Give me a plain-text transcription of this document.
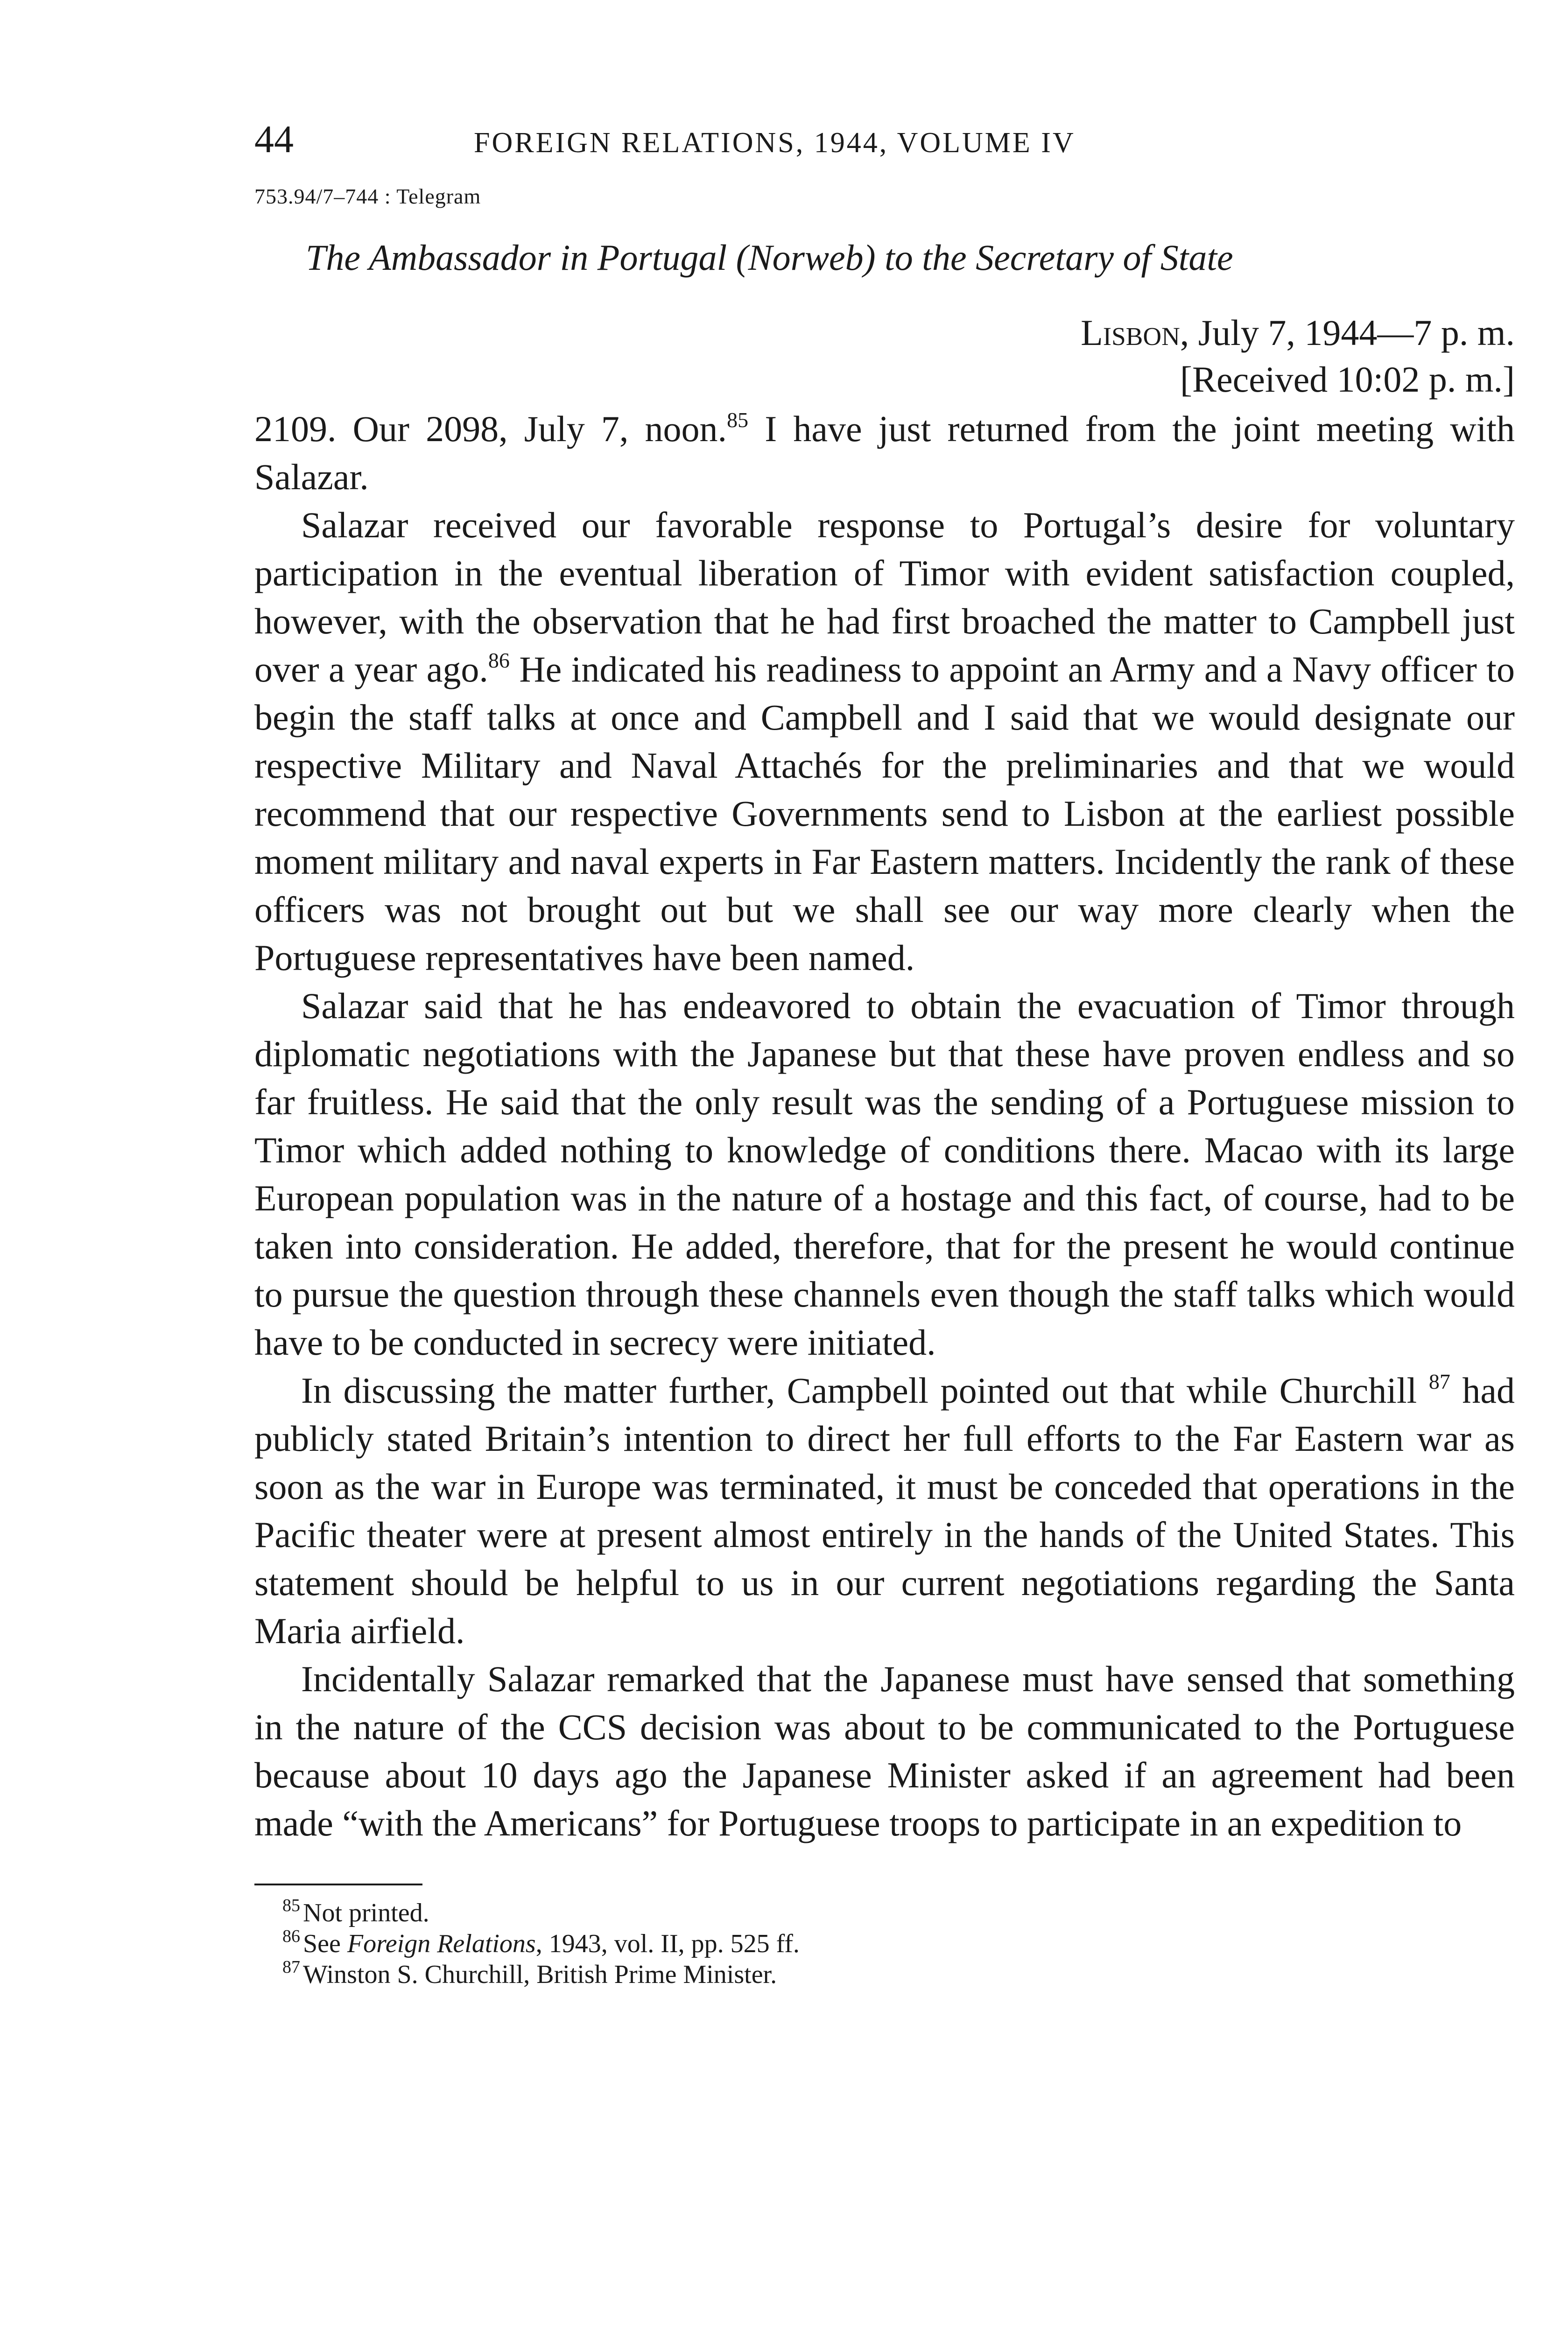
44	FOREIGN RELATIONS, 1944, VOLUME IV
753.94/7–744 : Telegram
The Ambassador in Portugal (Norweb) to the Secretary of State
Lisbon, July 7, 1944—7 p. m.
[Received 10:02 p. m.]

2109. Our 2098, July 7, noon.$^{85}$ I have just returned from the joint meeting with Salazar.

Salazar received our favorable response to Portugal’s desire for voluntary participation in the eventual liberation of Timor with evident satisfaction coupled, however, with the observation that he had first broached the matter to Campbell just over a year ago.$^{86}$ He indicated his readiness to appoint an Army and a Navy officer to begin the staff talks at once and Campbell and I said that we would designate our respective Military and Naval Attachés for the preliminaries and that we would recommend that our respective Governments send to Lisbon at the earliest possible moment military and naval experts in Far Eastern matters. Incidently the rank of these officers was not brought out but we shall see our way more clearly when the Portuguese representatives have been named.

Salazar said that he has endeavored to obtain the evacuation of Timor through diplomatic negotiations with the Japanese but that these have proven endless and so far fruitless. He said that the only result was the sending of a Portuguese mission to Timor which added nothing to knowledge of conditions there. Macao with its large European population was in the nature of a hostage and this fact, of course, had to be taken into consideration. He added, therefore, that for the present he would continue to pursue the question through these channels even though the staff talks which would have to be conducted in secrecy were initiated.

In discussing the matter further, Campbell pointed out that while Churchill $^{87}$ had publicly stated Britain’s intention to direct her full efforts to the Far Eastern war as soon as the war in Europe was terminated, it must be conceded that operations in the Pacific theater were at present almost entirely in the hands of the United States. This statement should be helpful to us in our current negotiations regarding the Santa Maria airfield.

Incidentally Salazar remarked that the Japanese must have sensed that something in the nature of the CCS decision was about to be communicated to the Portuguese because about 10 days ago the Japanese Minister asked if an agreement had been made “with the Americans” for Portuguese troops to participate in an expedition to

$^{85}$ Not printed.
$^{86}$ See Foreign Relations, 1943, vol. II, pp. 525 ff.
$^{87}$ Winston S. Churchill, British Prime Minister.
